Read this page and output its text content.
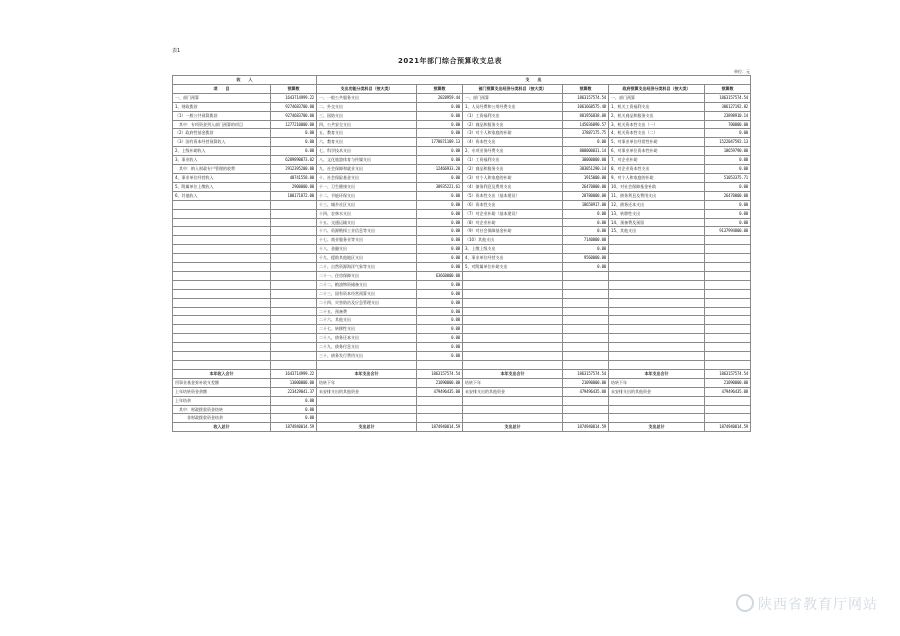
表1
2021年部门综合预算收支总表
单位：元
收　　入		支　　出					
项　　目	预算数	支出功能分类科目（按大类）	预算数	部门预算支出经济分类科目（按大类）	预算数	政府预算支出经济分类科目（按大类）	预算数
一、部门预算	1643714999.22	一、一般公共服务支出	2028959.44	一、部门预算	1863157574.54	一、部门预算	1863157574.54
1、财政拨款	9274683700.00	二、外交支出	0.00	1、人员经费和公用经费支出	1061668575.48	1、机关工资福利支出	306127192.82
（1）一般公共预算拨款	9274683700.00	三、国防支出	0.00	（1）工资福利支出	881956838.08	2、机关商品和服务支出	23898910.14
　其中：专项资金列入部门预算的项目	1277210000.00	四、公共安全支出	0.00	（2）商品和服务支出	145036090.57	3、机关资本性支出（一）	700000.00
（2）政府性基金拨款	0.00	五、教育支出	0.00	（3）对个人和家庭的补助	37887175.75	4、机关资本性支出（二）	0.00
（3）国有资本经营预算收入	0.00	六、教育支出	1778871189.13	（4）资本性支出	0.00	5、对事业单位经常性补助	1522047592.13
2、上级补助收入	0.00	七、科学技术支出	0.00	2、专项业务经费支出	800000031.14	6、对事业单位资本性补助	18659790.00
3、事业收入	6289890073.02	八、文化旅游体育与传媒支出	0.00	（1）工资福利支出	30000000.00	7、对企业补助	0.00
　其中：纳入财政专户管理的收费	2912395200.00	九、社会保障和就业支出	12466933.20	（2）商品和服务支出	383051290.14	8、对企业资本性支出	0.00
4、事业单位经营收入	40741558.00	十、社会保险基金支出	0.00	（3）对个人和家庭的补助	1915000.00	9、对个人和家庭的补助	51053375.71
5、附属单位上缴收入	2900000.00	十一、卫生健康支出	38935221.61	（4）债务利息及费用支出	26470000.00	10、对社会保障基金补助	0.00
6、其他收入	100171872.00	十二、节能环保支出	0.00	（5）资本性支出（基本建设）	28780000.00	11、债务利息及费用支出	26470000.00
		十三、城乡社区支出	0.00	（6）资本性支出	18658917.00	12、债务还本支出	0.00
		十四、农林水支出	0.00	（7）对企业补助（基本建设）	0.00	13、转移性支出	0.00
		十五、交通运输支出	0.00	（8）对企业补助	0.00	14、预备费及预留	0.00
		十六、资源勘探工业信息等支出	0.00	（9）对社会保障基金补助	0.00	15、其他支出	9137994800.00
		十七、商业服务业等支出	0.00	（10）其他支出	7140000.00		
		十八、金融支出	0.00	3、上缴上级支出	0.00		
		十九、援助其他地区支出	0.00	4、事业单位经营支出	9560000.00		
		二十、自然资源海洋气象等支出	0.00	5、对附属单位补助支出	0.00		
		二十一、住房保障支出	63660000.00				
		二十二、粮油物资储备支出	0.00				
		二十三、国有资本经营预算支出	0.00				
		二十四、灾害防治及应急管理支出	0.00				
		二十五、预备费	0.00				
		二十六、其他支出	0.00				
		二十七、转移性支出	0.00				
		二十八、债务还本支出	0.00				
		二十九、债务付息支出	0.00				
		三十、债务发行费用支出	0.00				

本年收入合计	1643714999.22	本年支出合计	1863157574.54	本年支出合计	1863157574.54	本年支出合计	1863157574.54
用事业基金弥补收支差额	13000000.00	结转下年	21090000.00	结转下年	21090000.00	结转下年	21090000.00
上年结转资金余额	223429041.37	未安排支出的其他资金	479496435.08	未安排支出的其他资金	479496435.08	未安排支出的其他资金	479496435.08
上年结余	0.00						
　其中：财政拨款资金结转	0.00						
　　　非财政拨款资金结余	0.00						
收入总计	1874940014.59	支出总计	1874940014.59	支出总计	1874940014.59	支出总计	1874940014.59
陕西省教育厅网站
